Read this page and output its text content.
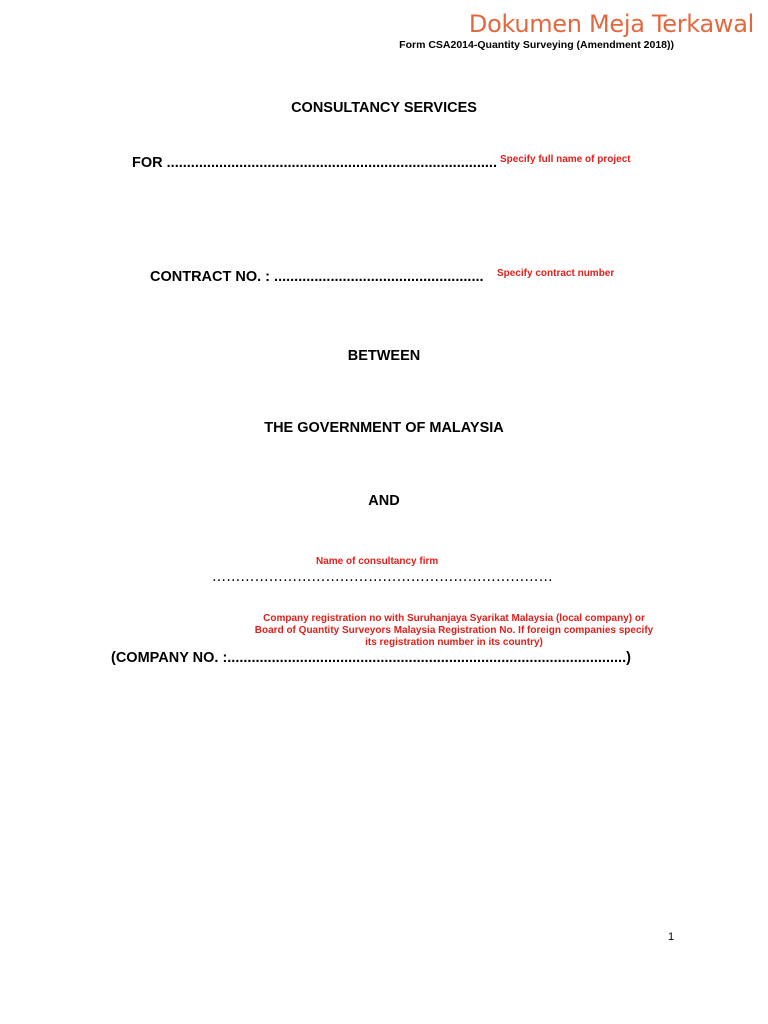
Dokumen Meja Terkawal
Form CSA2014-Quantity Surveying (Amendment 2018))
CONSULTANCY SERVICES
FOR .................................................................................. Specify full name of project
CONTRACT NO. : .................................................... Specify contract number
BETWEEN
THE GOVERNMENT OF MALAYSIA
AND
Name of consultancy firm
………………………………………………………………
Company registration no with Suruhanjaya Syarikat Malaysia (local company) or
Board of Quantity Surveyors Malaysia Registration No. If foreign companies specify
its registration number in its country)
(COMPANY NO. :...................................................................................................)
1
